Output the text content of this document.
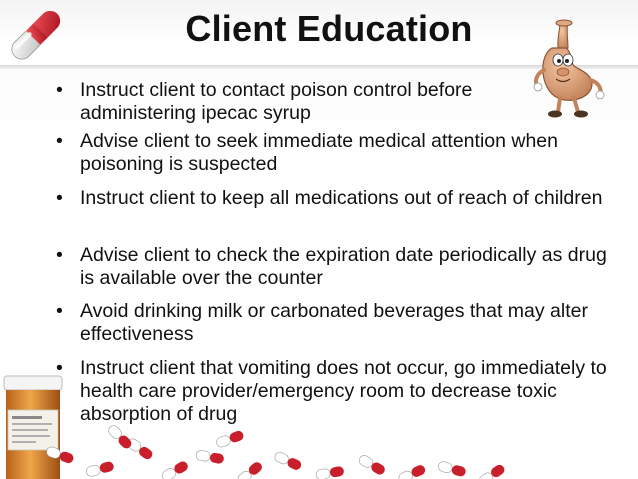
Client Education
• Instruct client to contact poison control before administering ipecac syrup
• Advise client to seek immediate medical attention when poisoning is suspected
• Instruct client to keep all medications out of reach of children
• Advise client to check the expiration date periodically as drug is available over the counter
• Avoid drinking milk or carbonated beverages that may alter effectiveness
• Instruct client that vomiting does not occur, go immediately to health care provider/emergency room to decrease toxic absorption of drug
